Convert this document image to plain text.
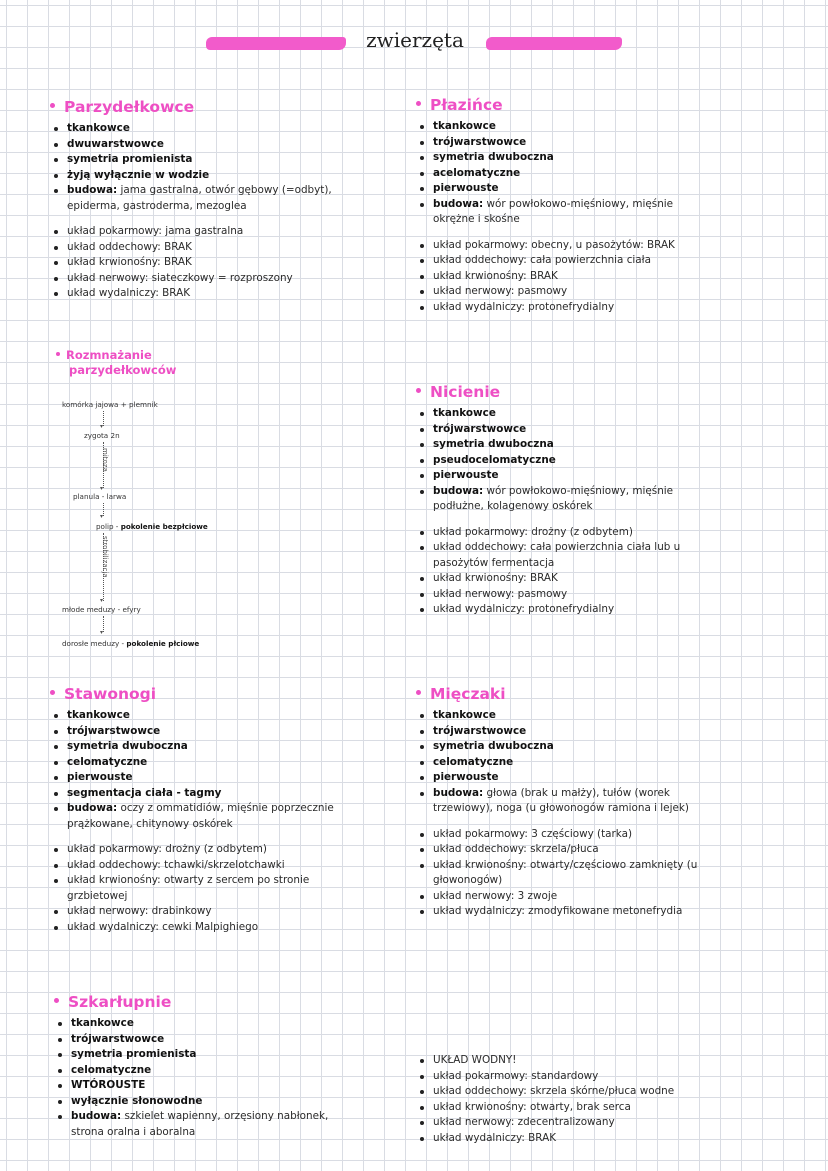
zwierzęta
Parzydełkowce
tkankowce
dwuwarstwowce
symetria promienista
żyją wyłącznie w wodzie
budowa: jama gastralna, otwór gębowy (=odbyt), epiderma, gastroderma, mezoglea
układ pokarmowy: jama gastralna
układ oddechowy: BRAK
układ krwionośny: BRAK
układ nerwowy: siateczkowy = rozproszony
układ wydalniczy: BRAK
Płazińce
tkankowce
trójwarstwowce
symetria dwuboczna
acelomatyczne
pierwouste
budowa: wór powłokowo-mięśniowy, mięśnie okrężne i skośne
układ pokarmowy: obecny, u pasożytów: BRAK
układ oddechowy: cała powierzchnia ciała
układ krwionośny: BRAK
układ nerwowy: pasmowy
układ wydalniczy: protonefrydialny
Rozmnażanie
parzydełkowców
komórka jajowa + plemnik
▾
zygota 2n
mitoza
▾
planula - larwa
▾
polip - pokolenie bezpłciowe
strobilizacja
▾
młode meduzy - efyry
▾
dorosłe meduzy - pokolenie płciowe
Nicienie
tkankowce
trójwarstwowce
symetria dwuboczna
pseudocelomatyczne
pierwouste
budowa: wór powłokowo-mięśniowy, mięśnie podłużne, kolagenowy oskórek
układ pokarmowy: drożny (z odbytem)
układ oddechowy: cała powierzchnia ciała lub u pasożytów fermentacja
układ krwionośny: BRAK
układ nerwowy: pasmowy
układ wydalniczy: protonefrydialny
Stawonogi
tkankowce
trójwarstwowce
symetria dwuboczna
celomatyczne
pierwouste
segmentacja ciała - tagmy
budowa: oczy z ommatidiów, mięśnie poprzecznie prążkowane, chitynowy oskórek
układ pokarmowy: drożny (z odbytem)
układ oddechowy: tchawki/skrzelotchawki
układ krwionośny: otwarty z sercem po stronie grzbietowej
układ nerwowy: drabinkowy
układ wydalniczy: cewki Malpighiego
Mięczaki
tkankowce
trójwarstwowce
symetria dwuboczna
celomatyczne
pierwouste
budowa: głowa (brak u małży), tułów (worek trzewiowy), noga (u głowonogów ramiona i lejek)
układ pokarmowy: 3 częściowy (tarka)
układ oddechowy: skrzela/płuca
układ krwionośny: otwarty/częściowo zamknięty (u głowonogów)
układ nerwowy: 3 zwoje
układ wydalniczy: zmodyfikowane metonefrydia
Szkarłupnie
tkankowce
trójwarstwowce
symetria promienista
celomatyczne
WTÓROUSTE
wyłącznie słonowodne
budowa: szkielet wapienny, orzęsiony nabłonek, strona oralna i aboralna
UKŁAD WODNY!
układ pokarmowy: standardowy
układ oddechowy: skrzela skórne/płuca wodne
układ krwionośny: otwarty, brak serca
układ nerwowy: zdecentralizowany
układ wydalniczy: BRAK
